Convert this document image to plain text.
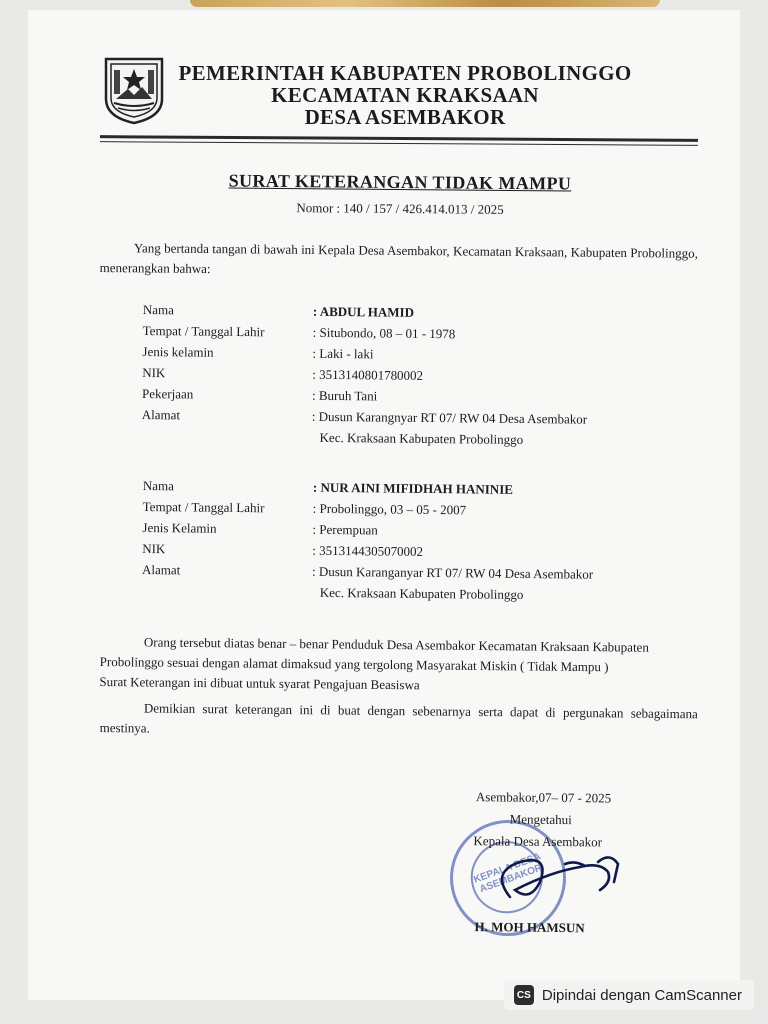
PEMERINTAH KABUPATEN PROBOLINGGO
KECAMATAN KRAKSAAN
DESA ASEMBAKOR
SURAT KETERANGAN TIDAK MAMPU
Nomor : 140 / 157 / 426.414.013 / 2025
Yang bertanda tangan di bawah ini Kepala Desa Asembakor, Kecamatan Kraksaan, Kabupaten Probolinggo, menerangkan bahwa:
Nama	: ABDUL HAMID
Tempat / Tanggal Lahir	: Situbondo, 08 – 01 - 1978
Jenis kelamin	: Laki - laki
NIK	: 3513140801780002
Pekerjaan	: Buruh Tani
Alamat	: Dusun Karangnyar RT 07/ RW 04 Desa Asembakor
Kec. Kraksaan Kabupaten Probolinggo
Nama	: NUR AINI MIFIDHAH HANINIE
Tempat / Tanggal Lahir	: Probolinggo, 03 – 05 - 2007
Jenis Kelamin	: Perempuan
NIK	: 3513144305070002
Alamat	: Dusun Karanganyar RT 07/ RW 04 Desa Asembakor
Kec. Kraksaan Kabupaten Probolinggo
Orang tersebut diatas benar – benar Penduduk Desa Asembakor Kecamatan Kraksaan Kabupaten
Probolinggo sesuai dengan alamat dimaksud yang tergolong Masyarakat Miskin ( Tidak Mampu )
Surat Keterangan ini dibuat untuk syarat Pengajuan Beasiswa
Demikian surat keterangan ini di buat dengan sebenarnya serta dapat di pergunakan sebagaimana mestinya.
KEPALA DESA ASEMBAKOR
Asembakor,07– 07 - 2025
Mengetahui
Kepala Desa Asembakor
H. MOH HAMSUN
CS Dipindai dengan CamScanner
